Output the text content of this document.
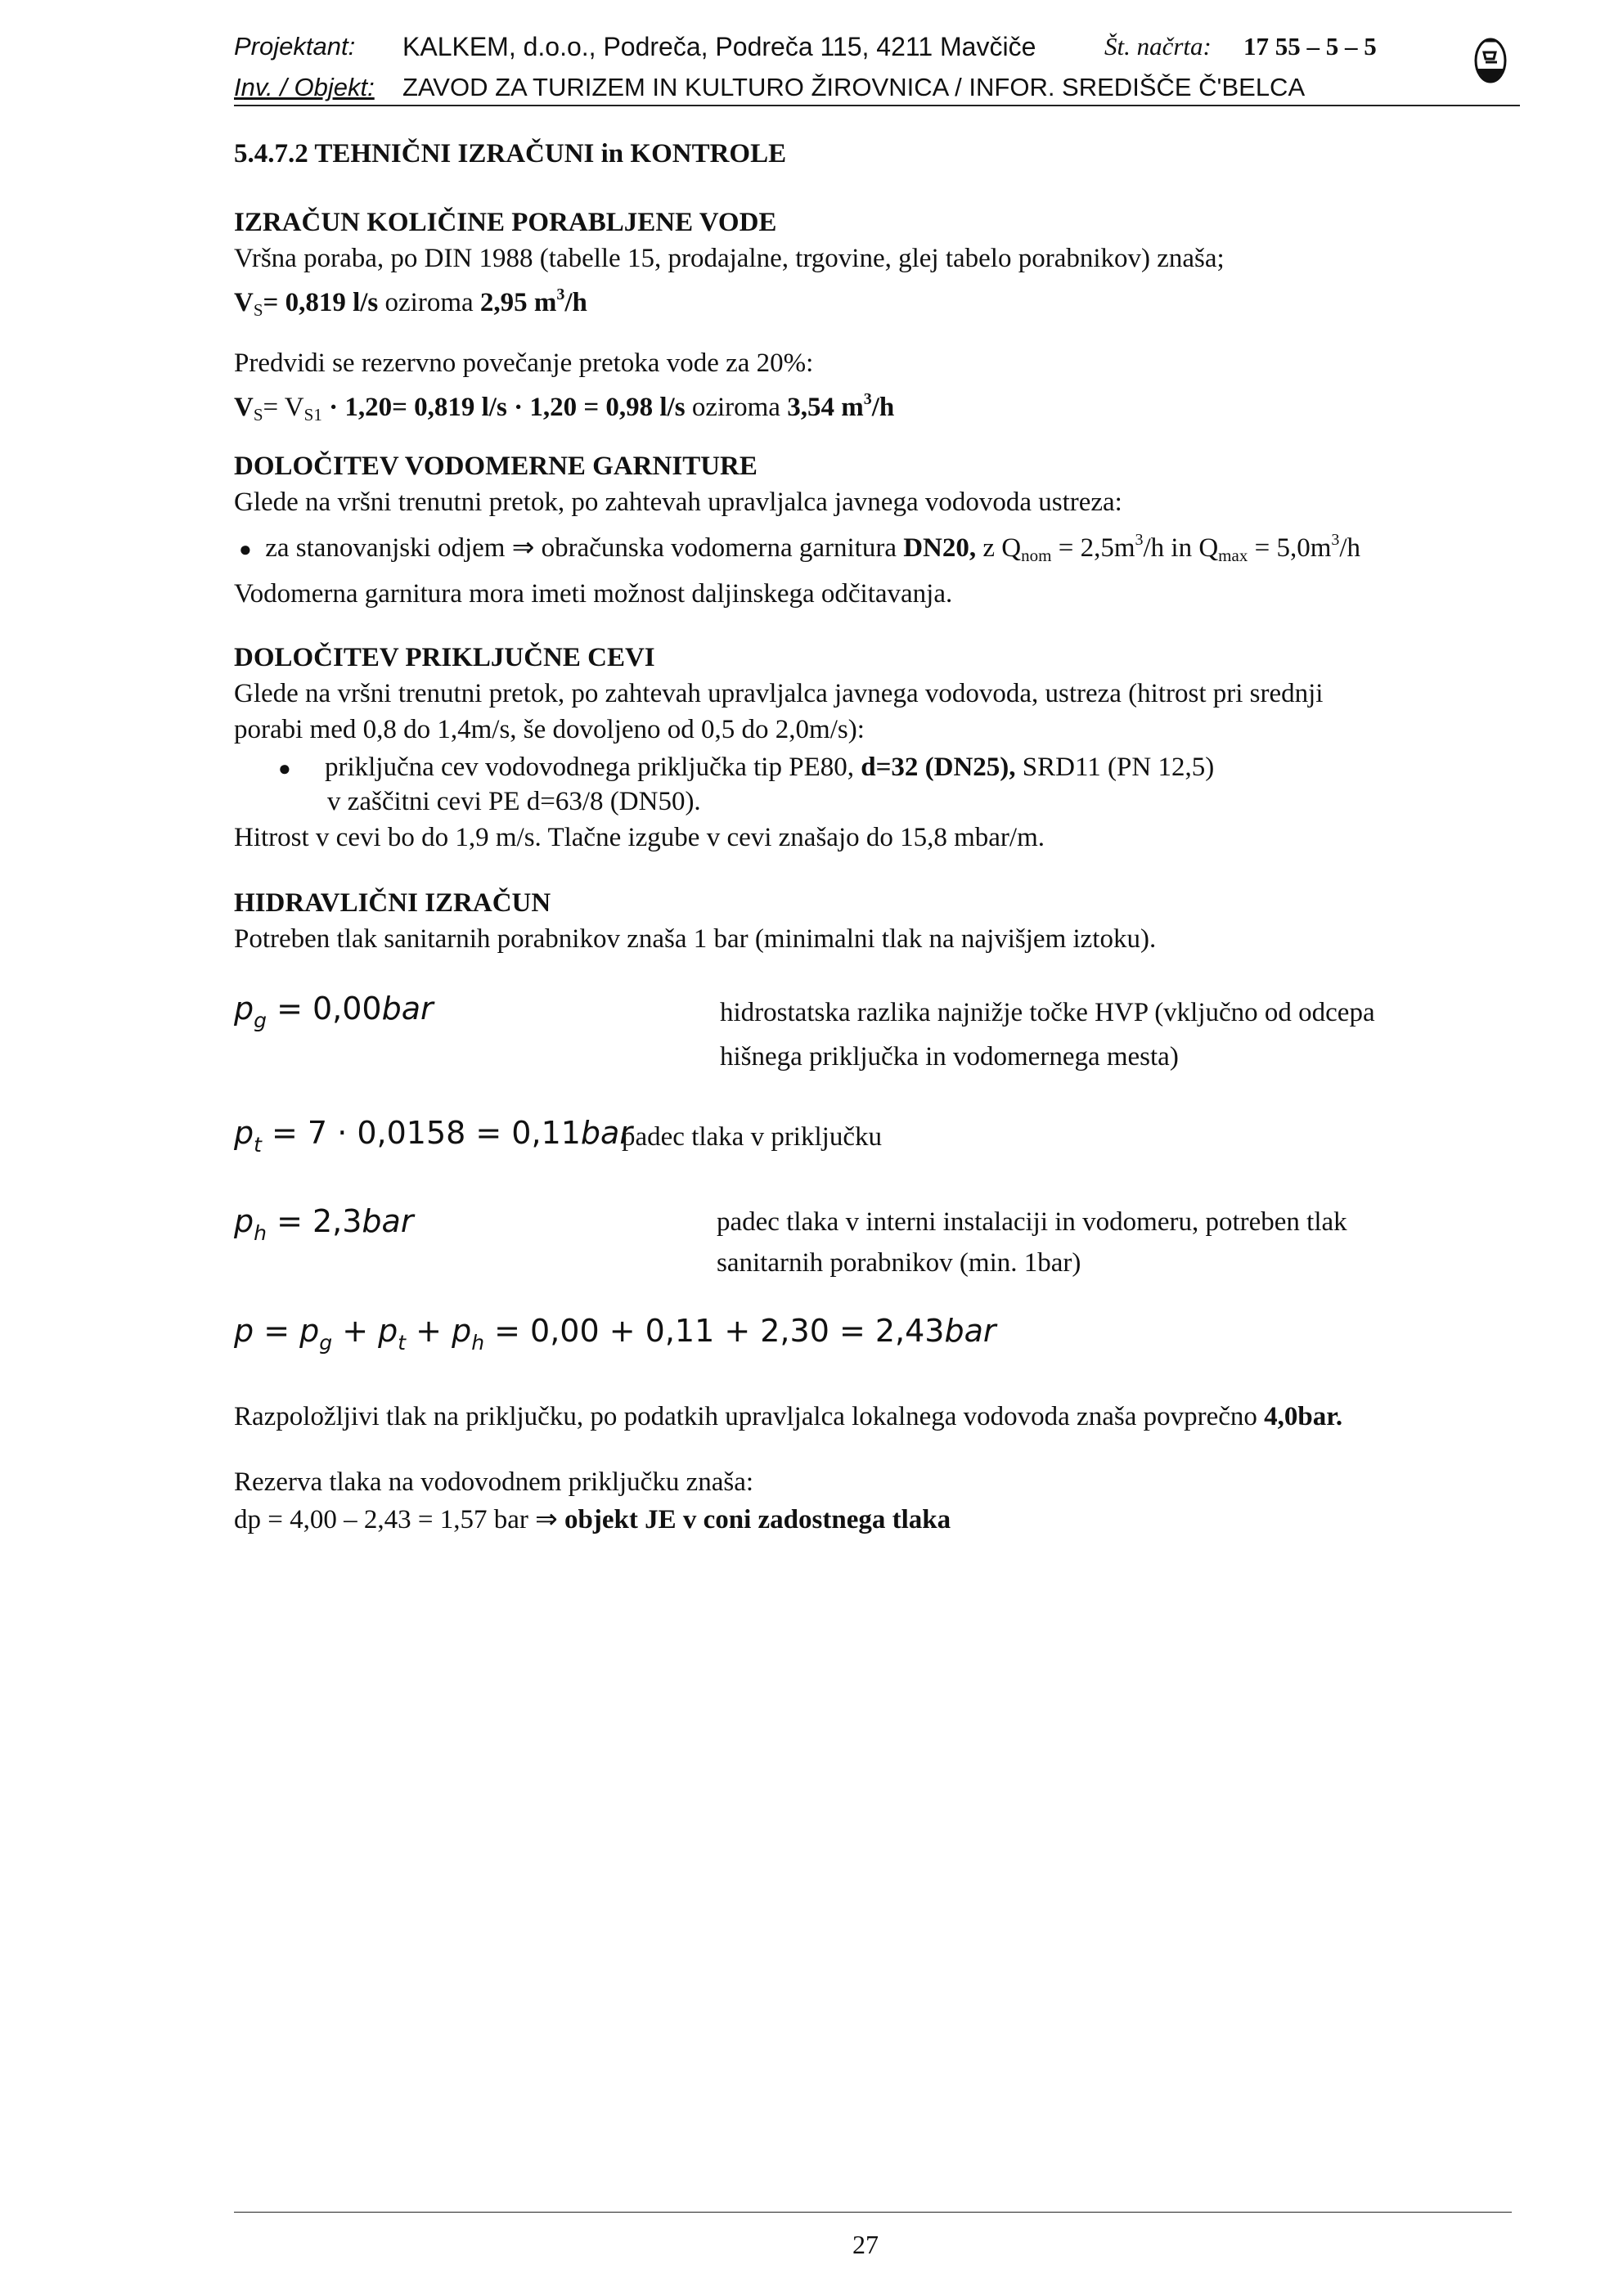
Projektant: KALKEM, d.o.o., Podreča, Podreča 115, 4211 Mavčiče	Št. načrta: 17 55 – 5 – 5
Inv. / Objekt: ZAVOD ZA TURIZEM IN KULTURO ŽIROVNICA / INFOR. SREDIŠČE Č'BELCA
5.4.7.2 TEHNIČNI IZRAČUNI in KONTROLE
IZRAČUN KOLIČINE PORABLJENE VODE
Vršna poraba, po DIN 1988 (tabelle 15, prodajalne, trgovine, glej tabelo porabnikov) znaša;
$V_S= 0,819$ l/s oziroma 2,95 $m^3/h$
Predvidi se rezervno povečanje pretoka vode za 20%:
$V_S= V_{S1} \cdot 1,20= 0,819$ l/s · 1,20 = 0,98 l/s oziroma 3,54 $m^3/h$
DOLOČITEV VODOMERNE GARNITURE
Glede na vršni trenutni pretok, po zahtevah upravljalca javnega vodovoda ustreza:
● za stanovanjski odjem ⇒ obračunska vodomerna garnitura DN20, z $Q_{nom} = 2,5m^3/h$ in $Q_{max} = 5,0m^3/h$
Vodomerna garnitura mora imeti možnost daljinskega odčitavanja.
DOLOČITEV PRIKLJUČNE CEVI
Glede na vršni trenutni pretok, po zahtevah upravljalca javnega vodovoda, ustreza (hitrost pri srednji
porabi med 0,8 do 1,4m/s, še dovoljeno od 0,5 do 2,0m/s):
● priključna cev vodovodnega priključka tip PE80, d=32 (DN25), SRD11 (PN 12,5)
v zaščitni cevi PE d=63/8 (DN50).
Hitrost v cevi bo do 1,9 m/s. Tlačne izgube v cevi znašajo do 15,8 mbar/m.
HIDRAVLIČNI IZRAČUN
Potreben tlak sanitarnih porabnikov znaša 1 bar (minimalni tlak na najvišjem iztoku).
$p_g = 0,00bar$	hidrostatska razlika najnižje točke HVP (vključno od odcepa
hišnega priključka in vodomernega mesta)
$p_t = 7 \cdot 0,0158 = 0,11bar$
padec tlaka v priključku
$p_h = 2,3bar$	padec tlaka v interni instalaciji in vodomeru, potreben tlak
sanitarnih porabnikov (min. 1bar)
$p = p_g + p_t + p_h = 0,00 + 0,11 + 2,30 = 2,43bar$
Razpoložljivi tlak na priključku, po podatkih upravljalca lokalnega vodovoda znaša povprečno 4,0bar.
Rezerva tlaka na vodovodnem priključku znaša:
dp = 4,00 – 2,43 = 1,57 bar ⇒ objekt JE v coni zadostnega tlaka
27
